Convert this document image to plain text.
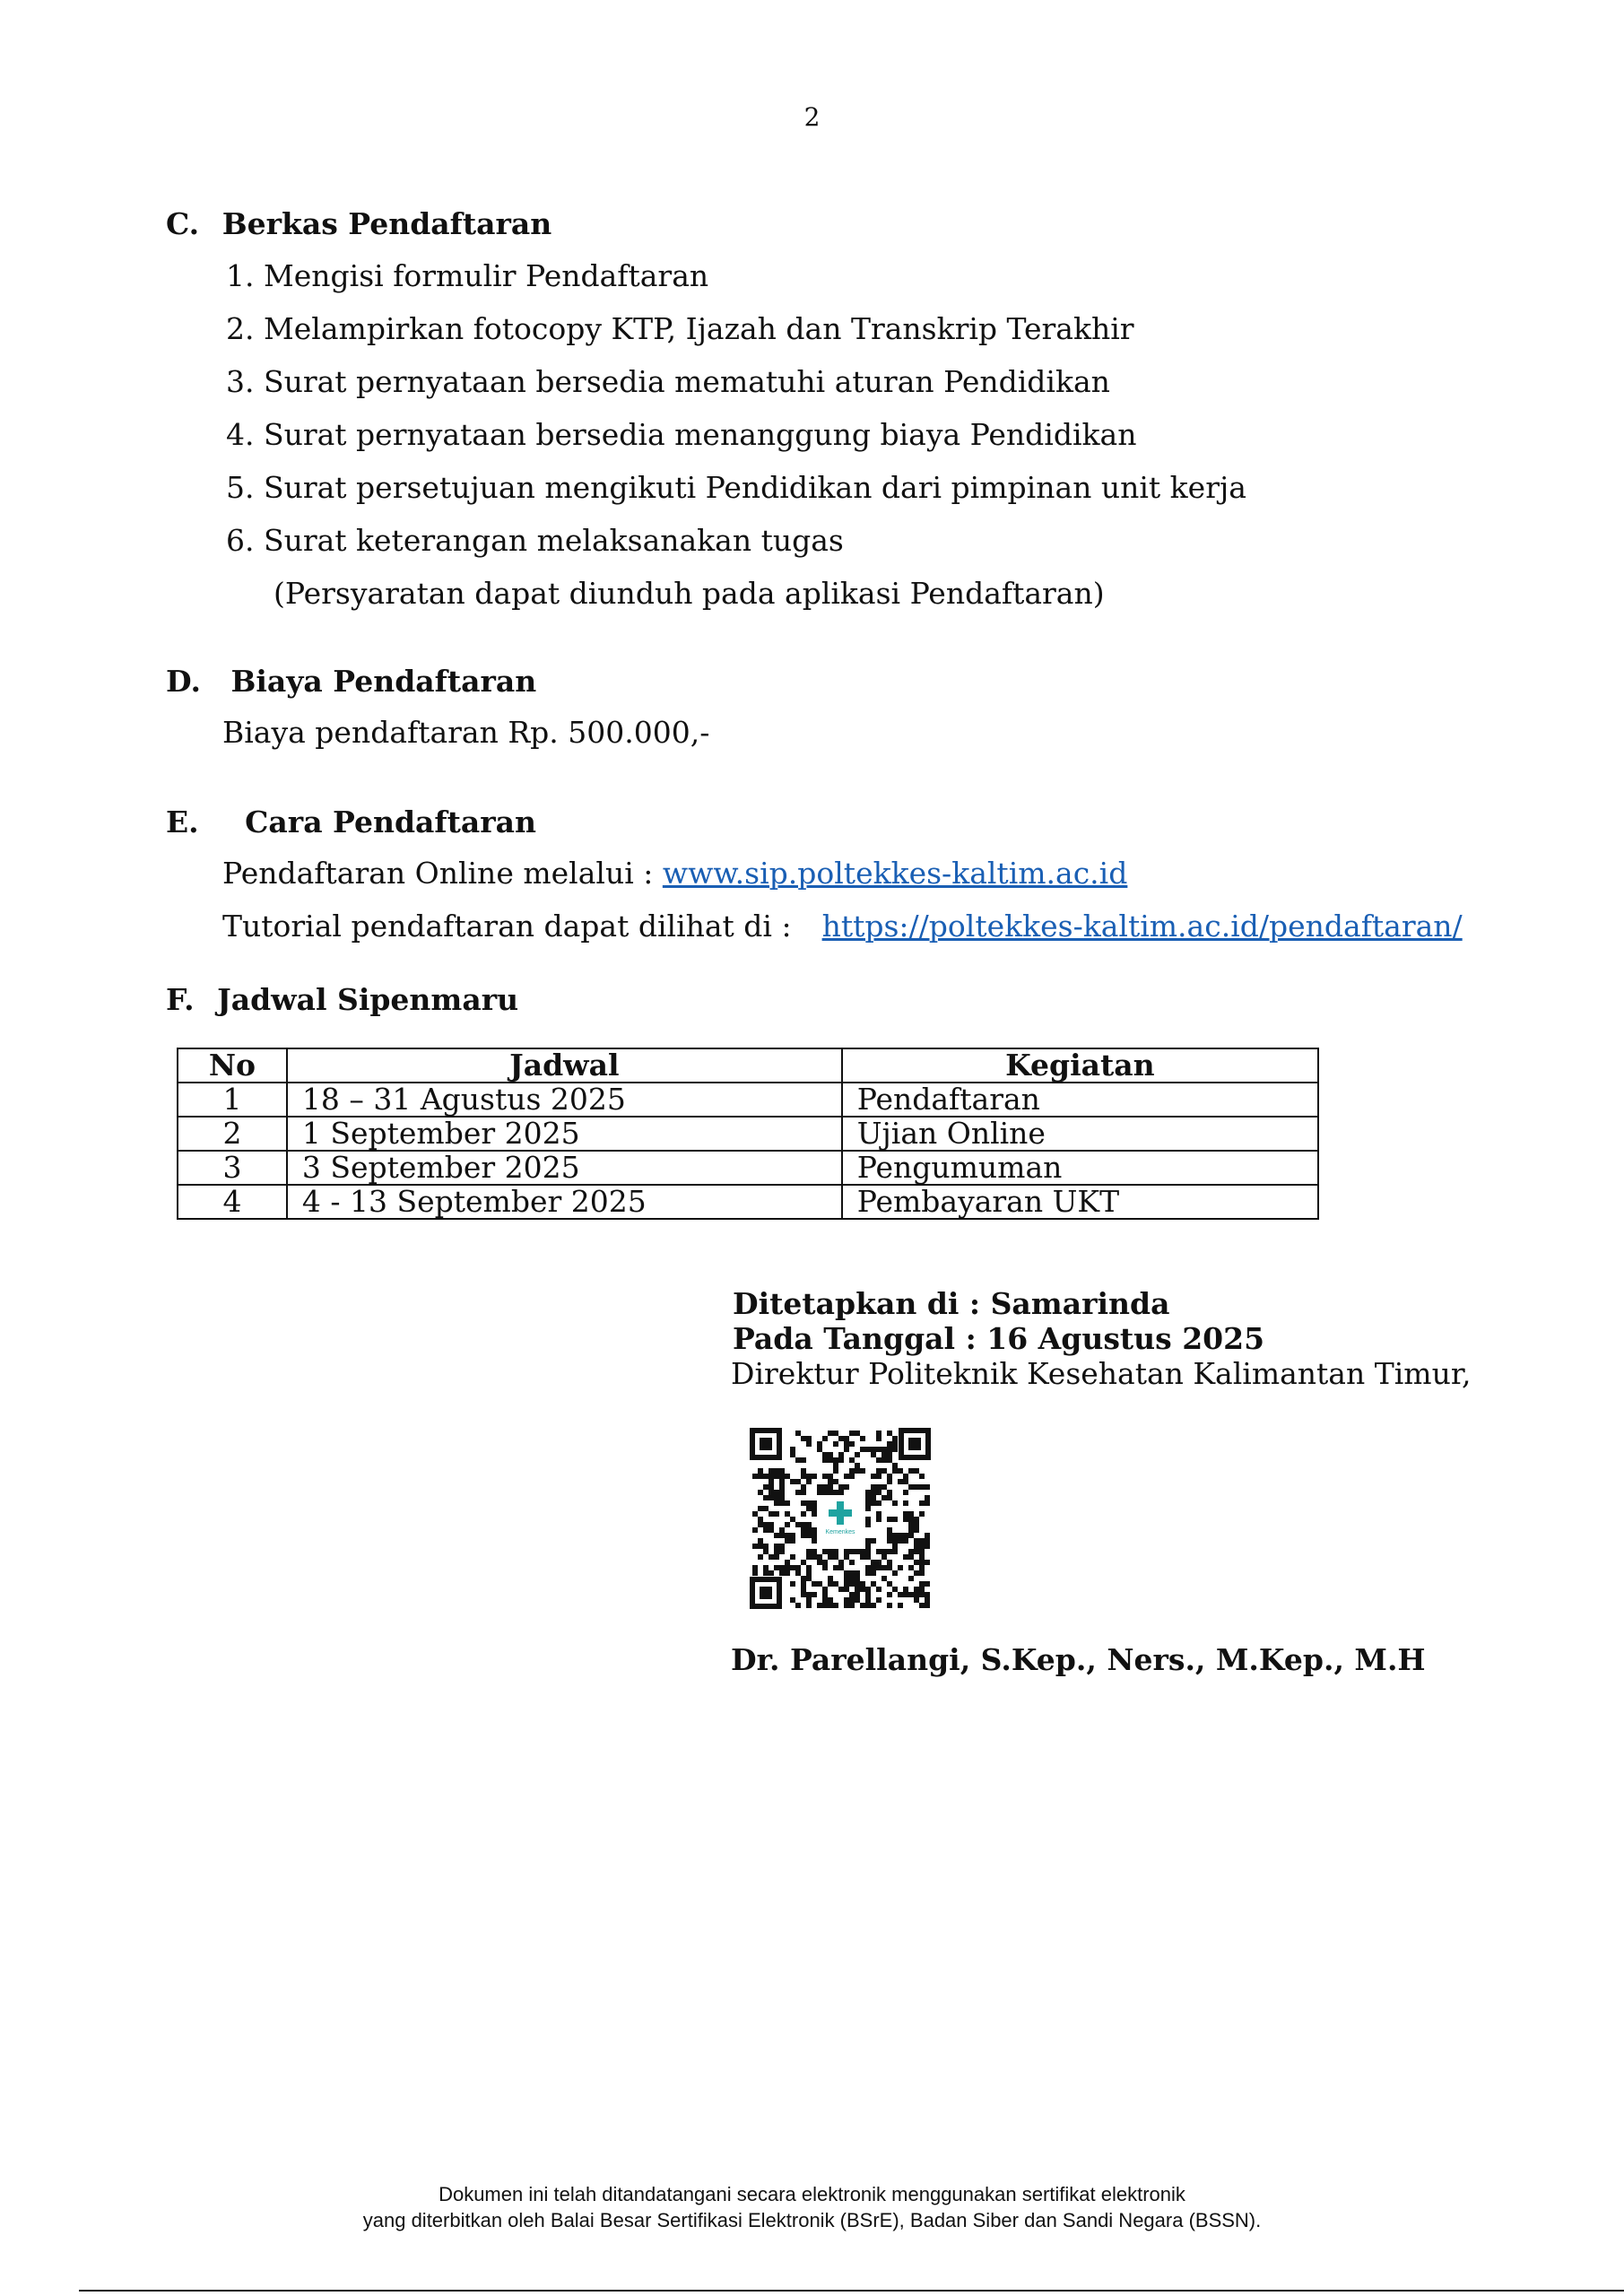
2
C. Berkas Pendaftaran
1. Mengisi formulir Pendaftaran
2. Melampirkan fotocopy KTP, Ijazah dan Transkrip Terakhir
3. Surat pernyataan bersedia mematuhi aturan Pendidikan
4. Surat pernyataan bersedia menanggung biaya Pendidikan
5. Surat persetujuan mengikuti Pendidikan dari pimpinan unit kerja
6. Surat keterangan melaksanakan tugas
(Persyaratan dapat diunduh pada aplikasi Pendaftaran)
D. Biaya Pendaftaran
Biaya pendaftaran Rp. 500.000,-
E. Cara Pendaftaran
Pendaftaran Online melalui : www.sip.poltekkes-kaltim.ac.id
Tutorial pendaftaran dapat dilihat di : https://poltekkes-kaltim.ac.id/pendaftaran/
F. Jadwal Sipenmaru
No	Jadwal	Kegiatan
1	18 – 31 Agustus 2025	Pendaftaran
2	1 September 2025	Ujian Online
3	3 September 2025	Pengumuman
4	4 - 13 September 2025	Pembayaran UKT
Ditetapkan di : Samarinda
Pada Tanggal : 16 Agustus 2025
Direktur Politeknik Kesehatan Kalimantan Timur,
Kemenkes
Dr. Parellangi, S.Kep., Ners., M.Kep., M.H
Dokumen ini telah ditandatangani secara elektronik menggunakan sertifikat elektronik
yang diterbitkan oleh Balai Besar Sertifikasi Elektronik (BSrE), Badan Siber dan Sandi Negara (BSSN).
